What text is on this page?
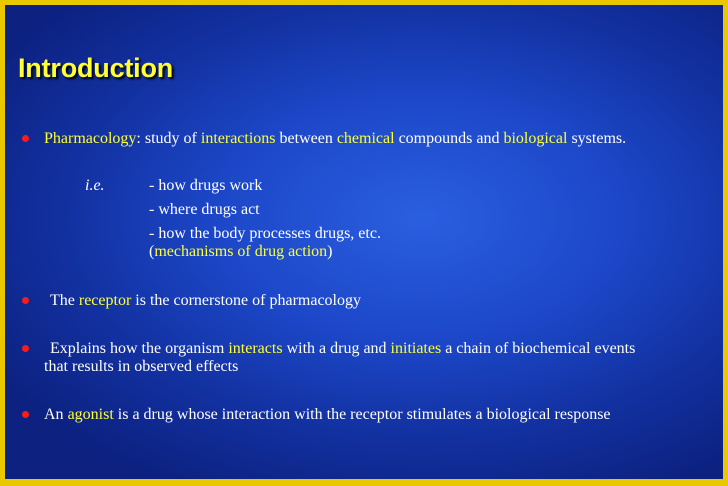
Introduction
Pharmacology: study of interactions between chemical compounds and biological systems.
i.e.	- how drugs work
- where drugs act
- how the body processes drugs, etc.
(mechanisms of drug action)
The receptor is the cornerstone of pharmacology
Explains how the organism interacts with a drug and initiates a chain of biochemical events
that results in observed effects
An agonist is a drug whose interaction with the receptor stimulates a biological response
